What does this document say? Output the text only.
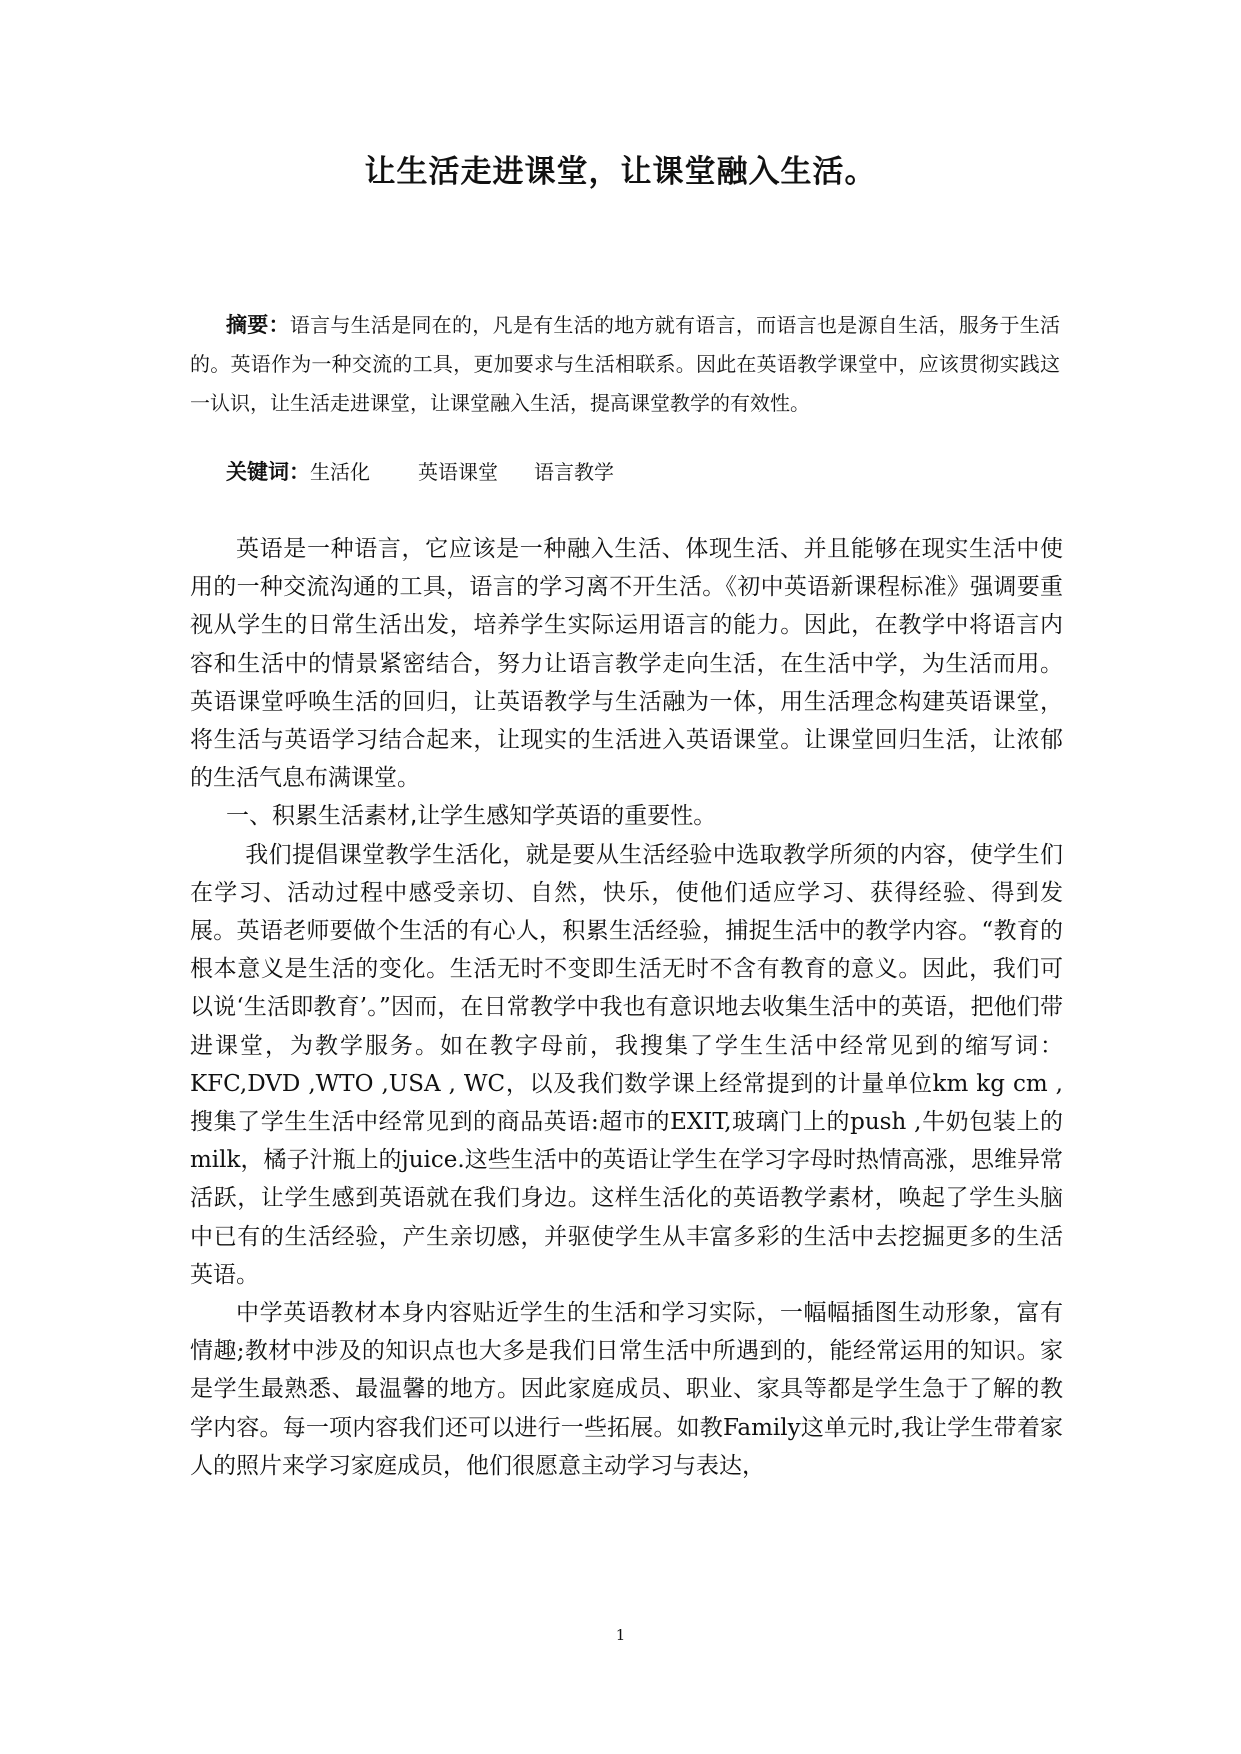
让生活走进课堂，让课堂融入生活。

摘要：语言与生活是同在的，凡是有生活的地方就有语言，而语言也是源自生活，服务于生活的。英语作为一种交流的工具，更加要求与生活相联系。因此在英语教学课堂中，应该贯彻实践这一认识，让生活走进课堂，让课堂融入生活，提高课堂教学的有效性。

关键词：生活化 英语课堂 语言教学

英语是一种语言，它应该是一种融入生活、体现生活、并且能够在现实生活中使用的一种交流沟通的工具，语言的学习离不开生活。《初中英语新课程标准》强调要重视从学生的日常生活出发，培养学生实际运用语言的能力。因此，在教学中将语言内容和生活中的情景紧密结合，努力让语言教学走向生活，在生活中学，为生活而用。英语课堂呼唤生活的回归，让英语教学与生活融为一体，用生活理念构建英语课堂，将生活与英语学习结合起来，让现实的生活进入英语课堂。让课堂回归生活，让浓郁的生活气息布满课堂。

一、积累生活素材,让学生感知学英语的重要性。

我们提倡课堂教学生活化，就是要从生活经验中选取教学所须的内容，使学生们在学习、活动过程中感受亲切、自然，快乐，使他们适应学习、获得经验、得到发展。英语老师要做个生活的有心人，积累生活经验，捕捉生活中的教学内容。“教育的根本意义是生活的变化。生活无时不变即生活无时不含有教育的意义。因此，我们可以说‘生活即教育’。”因而，在日常教学中我也有意识地去收集生活中的英语，把他们带进课堂，为教学服务。如在教字母前，我搜集了学生生活中经常见到的缩写词：KFC,DVD ,WTO ,USA , WC，以及我们数学课上经常提到的计量单位km kg cm ,搜集了学生生活中经常见到的商品英语:超市的EXIT,玻璃门上的push ,牛奶包装上的milk，橘子汁瓶上的juice.这些生活中的英语让学生在学习字母时热情高涨，思维异常活跃，让学生感到英语就在我们身边。这样生活化的英语教学素材，唤起了学生头脑中已有的生活经验，产生亲切感，并驱使学生从丰富多彩的生活中去挖掘更多的生活英语。

中学英语教材本身内容贴近学生的生活和学习实际，一幅幅插图生动形象，富有情趣;教材中涉及的知识点也大多是我们日常生活中所遇到的，能经常运用的知识。家是学生最熟悉、最温馨的地方。因此家庭成员、职业、家具等都是学生急于了解的教学内容。每一项内容我们还可以进行一些拓展。如教Family这单元时,我让学生带着家人的照片来学习家庭成员，他们很愿意主动学习与表达，

1
